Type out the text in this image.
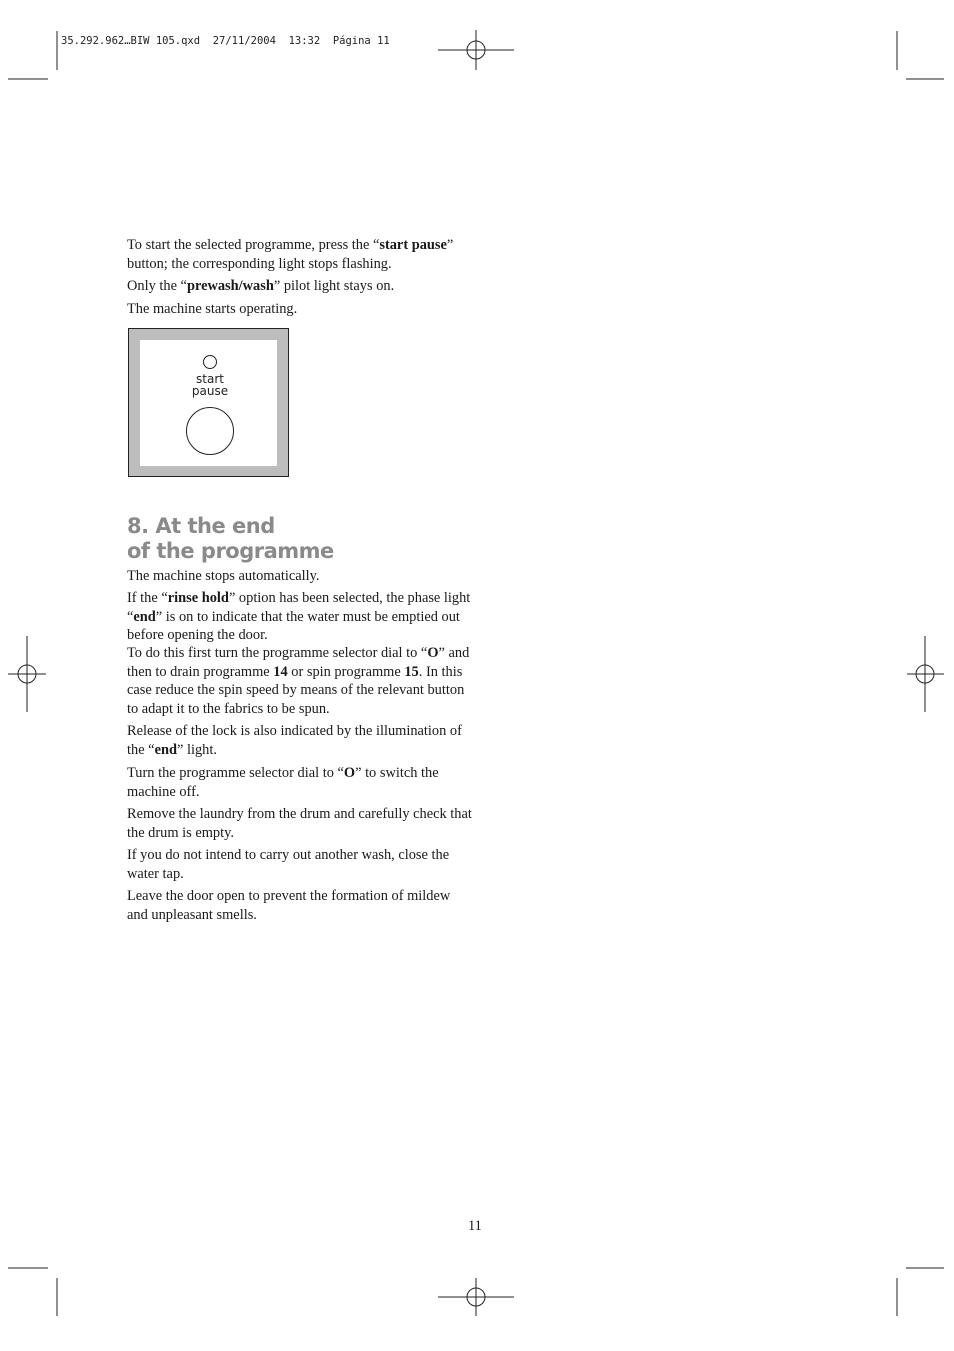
35.292.962…BIW 105.qxd  27/11/2004  13:32  Página 11
To start the selected programme, press the “start pause” button; the corresponding light stops flashing.
Only the “prewash/wash” pilot light stays on.
The machine starts operating.
start
pause
8. At the end
of the programme
The machine stops automatically.
If the “rinse hold” option has been selected, the phase light “end” is on to indicate that the water must be emptied out before opening the door.
To do this first turn the programme selector dial to “O” and then to drain programme 14 or spin programme 15. In this case reduce the spin speed by means of the relevant button to adapt it to the fabrics to be spun.
Release of the lock is also indicated by the illumination of the “end” light.
Turn the programme selector dial to “O” to switch the machine off.
Remove the laundry from the drum and carefully check that the drum is empty.
If you do not intend to carry out another wash, close the water tap.
Leave the door open to prevent the formation of mildew and unpleasant smells.
11
